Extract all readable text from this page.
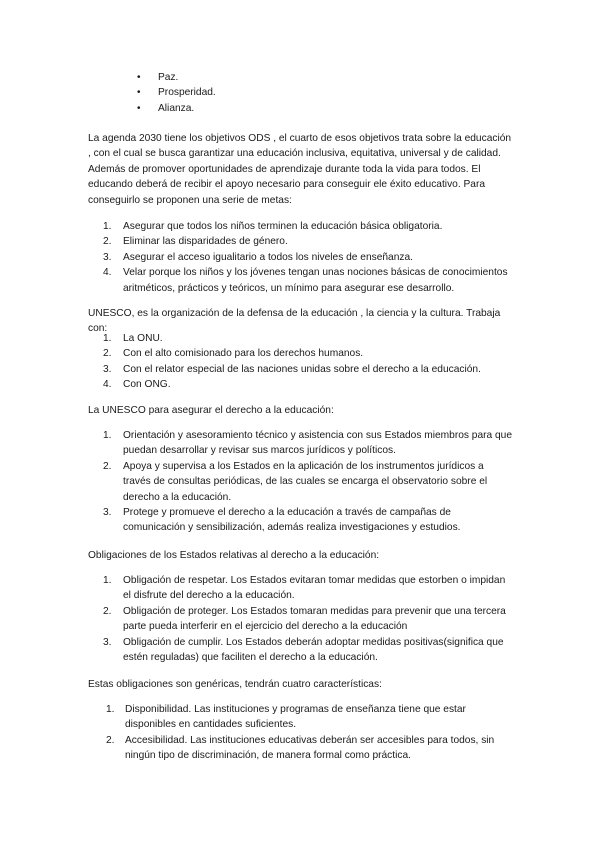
• Paz.
• Prosperidad.
• Alianza.

La agenda 2030 tiene los objetivos ODS , el cuarto de esos objetivos trata sobre la educación , con el cual se busca garantizar una educación inclusiva, equitativa, universal y de calidad. Además de promover oportunidades de aprendizaje durante toda la vida para todos. El educando deberá de recibir el apoyo necesario para conseguir ele éxito educativo. Para conseguirlo se proponen una serie de metas:

1. Asegurar que todos los niños terminen la educación básica obligatoria.
2. Eliminar las disparidades de género.
3. Asegurar el acceso igualitario a todos los niveles de enseñanza.
4. Velar porque los niños y los jóvenes tengan unas nociones básicas de conocimientos aritméticos, prácticos y teóricos, un mínimo para asegurar ese desarrollo.

UNESCO, es la organización de la defensa de la educación , la ciencia y la cultura. Trabaja con:

1. La ONU.
2. Con el alto comisionado para los derechos humanos.
3. Con el relator especial de las naciones unidas sobre el derecho a la educación.
4. Con ONG.

La UNESCO para asegurar el derecho a la educación:

1. Orientación y asesoramiento técnico y asistencia con sus Estados miembros para que puedan desarrollar y revisar sus marcos jurídicos y políticos.
2. Apoya y supervisa a los Estados en la aplicación de los instrumentos jurídicos a través de consultas periódicas, de las cuales se encarga el observatorio sobre el derecho a la educación.
3. Protege y promueve el derecho a la educación a través de campañas de comunicación y sensibilización, además realiza investigaciones y estudios.

Obligaciones de los Estados relativas al derecho a la educación:

1. Obligación de respetar. Los Estados evitaran tomar medidas que estorben o impidan el disfrute del derecho a la educación.
2. Obligación de proteger. Los Estados tomaran medidas para prevenir que una tercera parte pueda interferir en el ejercicio del derecho a la educación
3. Obligación de cumplir. Los Estados deberán adoptar medidas positivas(significa que estén reguladas) que faciliten el derecho a la educación.

Estas obligaciones son genéricas, tendrán cuatro características:

1. Disponibilidad. Las instituciones y programas de enseñanza tiene que estar disponibles en cantidades suficientes.
2. Accesibilidad. Las instituciones educativas deberán ser accesibles para todos, sin ningún tipo de discriminación, de manera formal como práctica.
